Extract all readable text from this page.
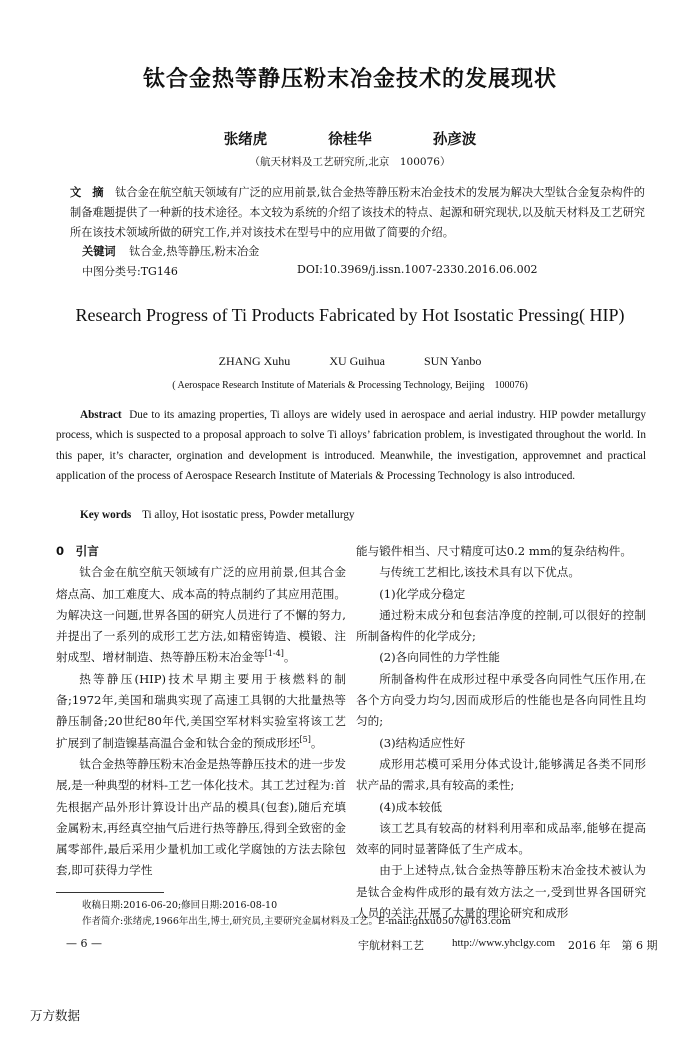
钛合金热等静压粉末冶金技术的发展现状
张绪虎	徐桂华	孙彦波
（航天材料及工艺研究所,北京　100076）
文　摘 钛合金在航空航天领域有广泛的应用前景,钛合金热等静压粉末冶金技术的发展为解决大型钛合金复杂构件的制备难题提供了一种新的技术途径。本文较为系统的介绍了该技术的特点、起源和研究现状,以及航天材料及工艺研究所在该技术领域所做的研究工作,并对该技术在型号中的应用做了简要的介绍。
关键词 钛合金,热等静压,粉末冶金
中图分类号:TG146	DOI:10.3969/j.issn.1007-2330.2016.06.002
Research Progress of Ti Products Fabricated by Hot Isostatic Pressing( HIP)
ZHANG Xuhu	XU Guihua	SUN Yanbo
( Aerospace Research Institute of Materials & Processing Technology, Beijing　100076)
Abstract Due to its amazing properties, Ti alloys are widely used in aerospace and aerial industry. HIP powder metallurgy process, which is suspected to a proposal approach to solve Ti alloys’ fabrication problem, is investigated throughout the world. In this paper, it’s character, orgination and development is introduced. Meanwhile, the investigation, approvemnet and practical application of the process of Aerospace Research Institute of Materials & Processing Technology is also introduced.
Key words Ti alloy, Hot isostatic press, Powder metallurgy

0　引言

钛合金在航空航天领域有广泛的应用前景,但其合金熔点高、加工难度大、成本高的特点制约了其应用范围。为解决这一问题,世界各国的研究人员进行了不懈的努力,并提出了一系列的成形工艺方法,如精密铸造、模锻、注射成型、增材制造、热等静压粉末冶金等[1-4]。

热等静压(HIP)技术早期主要用于核燃料的制备;1972年,美国和瑞典实现了高速工具钢的大批量热等静压制备;20世纪80年代,美国空军材料实验室将该工艺扩展到了制造镍基高温合金和钛合金的预成形坯[5]。

钛合金热等静压粉末冶金是热等静压技术的进一步发展,是一种典型的材料-工艺一体化技术。其工艺过程为:首先根据产品外形计算设计出产品的模具(包套),随后充填金属粉末,再经真空抽气后进行热等静压,得到全致密的金属零部件,最后采用少量机加工或化学腐蚀的方法去除包套,即可获得力学性

能与锻件相当、尺寸精度可达0.2 mm的复杂结构件。

与传统工艺相比,该技术具有以下优点。

(1)化学成分稳定

通过粉末成分和包套洁净度的控制,可以很好的控制所制备构件的化学成分;

(2)各向同性的力学性能

所制备构件在成形过程中承受各向同性气压作用,在各个方向受力均匀,因而成形后的性能也是各向同性且均匀的;

(3)结构适应性好

成形用芯模可采用分体式设计,能够满足各类不同形状产品的需求,具有较高的柔性;

(4)成本较低

该工艺具有较高的材料利用率和成品率,能够在提高效率的同时显著降低了生产成本。

由于上述特点,钛合金热等静压粉末冶金技术被认为是钛合金构件成形的最有效方法之一,受到世界各国研究人员的关注,开展了大量的理论研究和成形

收稿日期:2016-06-20;修回日期:2016-08-10
作者简介:张绪虎,1966年出生,博士,研究员,主要研究金属材料及工艺。E-mail:ghxu0507@163.com
— 6 —	宇航材料工艺	http://www.yhclgy.com 2016 年　第 6 期
万方数据
